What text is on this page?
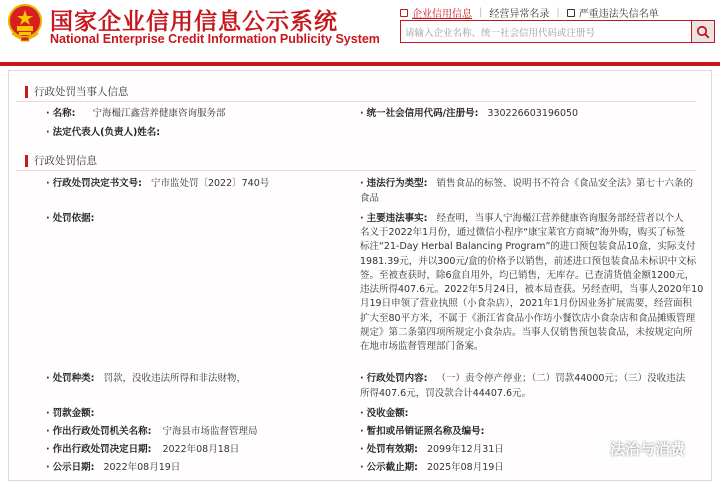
国家企业信用信息公示系统
National Enterprise Credit Information Publicity System
企业信用信息 | 经营异常名录 | 严重违法失信名单
请输入企业名称、统一社会信用代码或注册号
行政处罚当事人信息
· 名称: 宁海樶江鑫营养健康咨询服务部	· 统一社会信用代码/注册号: 330226603196050
· 法定代表人(负责人)姓名:
行政处罚信息
· 行政处罚决定书文号: 宁市监处罚〔2022〕740号	· 违法行为类型: 销售食品的标签、说明书不符合《食品安全法》第七十六条的
食品
· 处罚依据:	· 主要违法事实: 经查明，当事人宁海樶江营养健康咨询服务部经营者以个人
名义于2022年1月份，通过微信小程序“康宝莱官方商城”海外购，购买了标签
标注“21-Day Herbal Balancing Program”的进口预包装食品10盒，实际支付
1981.39元，并以300元/盒的价格予以销售，前述进口预包装食品未标识中文标
签。至被查获时，除6盒自用外，均已销售，无库存。已查清货值金额1200元，
违法所得407.6元。2022年5月24日，被本局查获。另经查明，当事人2020年10
月19日申领了营业执照（小食杂店），2021年1月份因业务扩展需要，经营面积
扩大至80平方米，不属于《浙江省食品小作坊小餐饮店小食杂店和食品摊贩管理
规定》第二条第四项所规定小食杂店。当事人仅销售预包装食品，未按规定向所
在地市场监督管理部门备案。
· 处罚种类: 罚款，没收违法所得和非法财物，	· 行政处罚内容: （一）责令停产停业；（二）罚款44000元；（三）没收违法
所得407.6元，罚没款合计44407.6元。
· 罚款金额:	· 没收金额:
· 作出行政处罚机关名称: 宁海县市场监督管理局	· 暂扣或吊销证照名称及编号:
· 作出行政处罚决定日期: 2022年08月18日	· 处罚有效期: 2099年12月31日
· 公示日期: 2022年08月19日	· 公示截止期: 2025年08月19日
法治与消费
